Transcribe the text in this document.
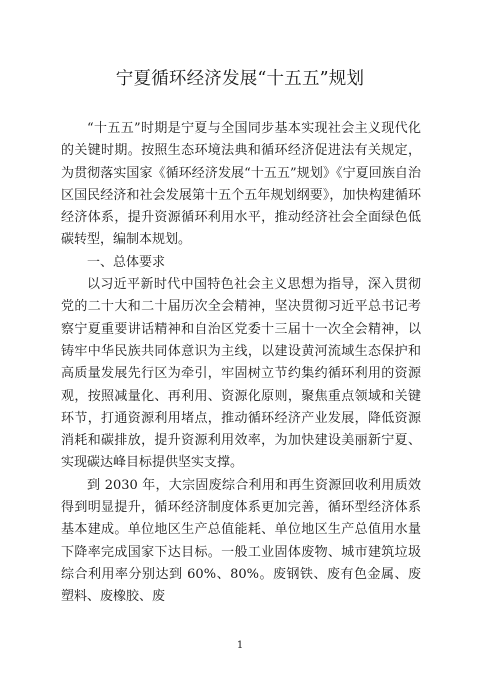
宁夏循环经济发展“十五五”规划

“十五五”时期是宁夏与全国同步基本实现社会主义现代化的关键时期。按照生态环境法典和循环经济促进法有关规定，为贯彻落实国家《循环经济发展“十五五”规划》《宁夏回族自治区国民经济和社会发展第十五个五年规划纲要》，加快构建循环经济体系，提升资源循环利用水平，推动经济社会全面绿色低碳转型，编制本规划。

一、总体要求

以习近平新时代中国特色社会主义思想为指导，深入贯彻党的二十大和二十届历次全会精神，坚决贯彻习近平总书记考察宁夏重要讲话精神和自治区党委十三届十一次全会精神，以铸牢中华民族共同体意识为主线，以建设黄河流域生态保护和高质量发展先行区为牵引，牢固树立节约集约循环利用的资源观，按照减量化、再利用、资源化原则，聚焦重点领域和关键环节，打通资源利用堵点，推动循环经济产业发展，降低资源消耗和碳排放，提升资源利用效率，为加快建设美丽新宁夏、实现碳达峰目标提供坚实支撑。

到 2030 年，大宗固废综合利用和再生资源回收利用质效得到明显提升，循环经济制度体系更加完善，循环型经济体系基本建成。单位地区生产总值能耗、单位地区生产总值用水量下降率完成国家下达目标。一般工业固体废物、城市建筑垃圾综合利用率分别达到 60%、80%。废钢铁、废有色金属、废塑料、废橡胶、废

1
